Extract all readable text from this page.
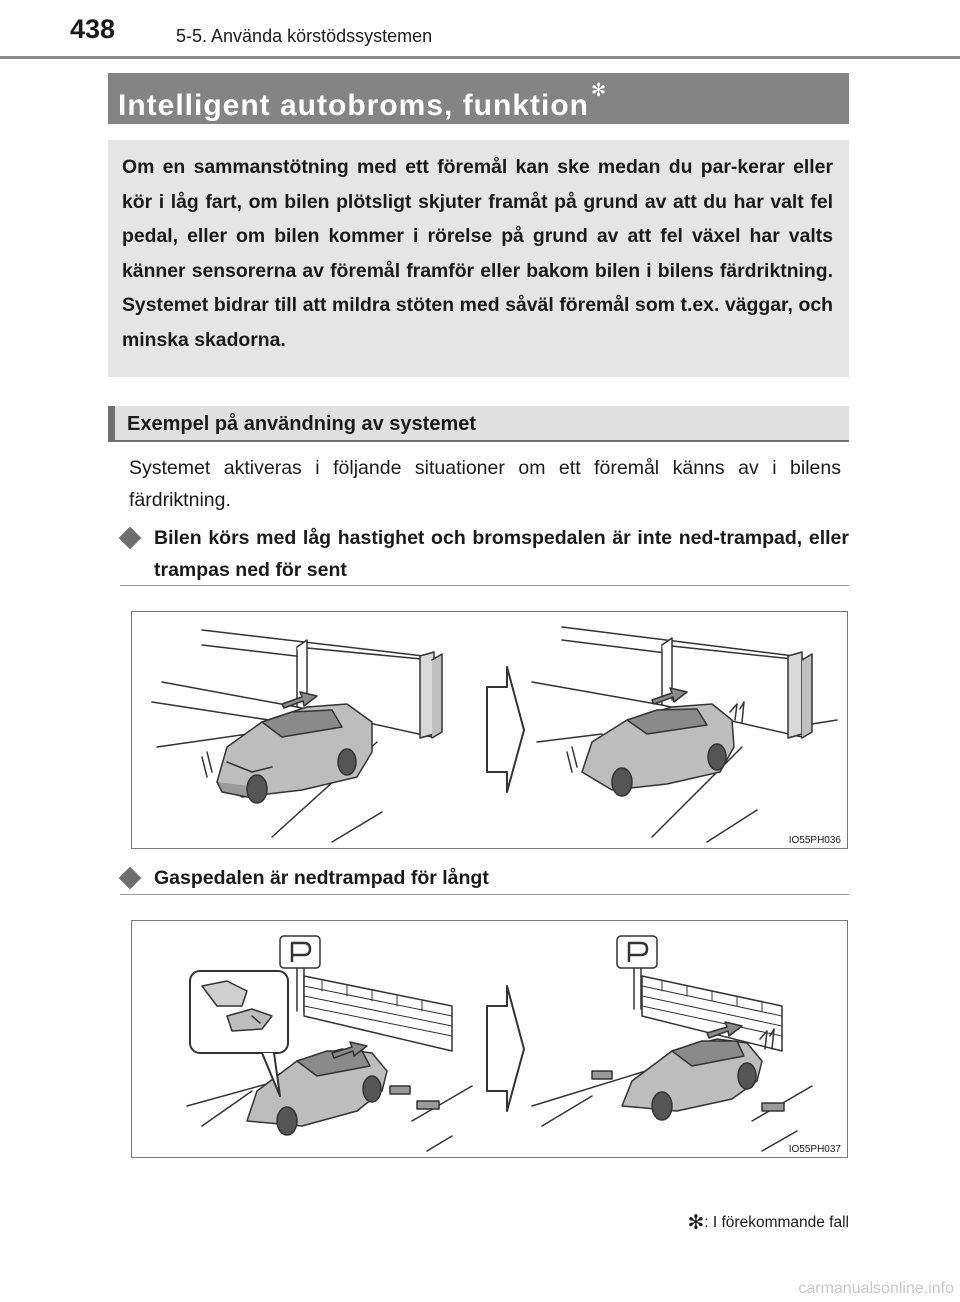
438	5-5. Använda körstödssystemen
Intelligent autobroms, funktion ✻
Om en sammanstötning med ett föremål kan ske medan du par-kerar eller kör i låg fart, om bilen plötsligt skjuter framåt på grund av att du har valt fel pedal, eller om bilen kommer i rörelse på grund av att fel växel har valts känner sensorerna av föremål framför eller bakom bilen i bilens färdriktning. Systemet bidrar till att mildra stöten med såväl föremål som t.ex. väggar, och minska skadorna.
Exempel på användning av systemet
Systemet aktiveras i följande situationer om ett föremål känns av i bilens färdriktning.
Bilen körs med låg hastighet och bromspedalen är inte ned-trampad, eller trampas ned för sent
IO55PH036
Gaspedalen är nedtrampad för långt
IO55PH037
✻: I förekommande fall
carmanualsonline.info
